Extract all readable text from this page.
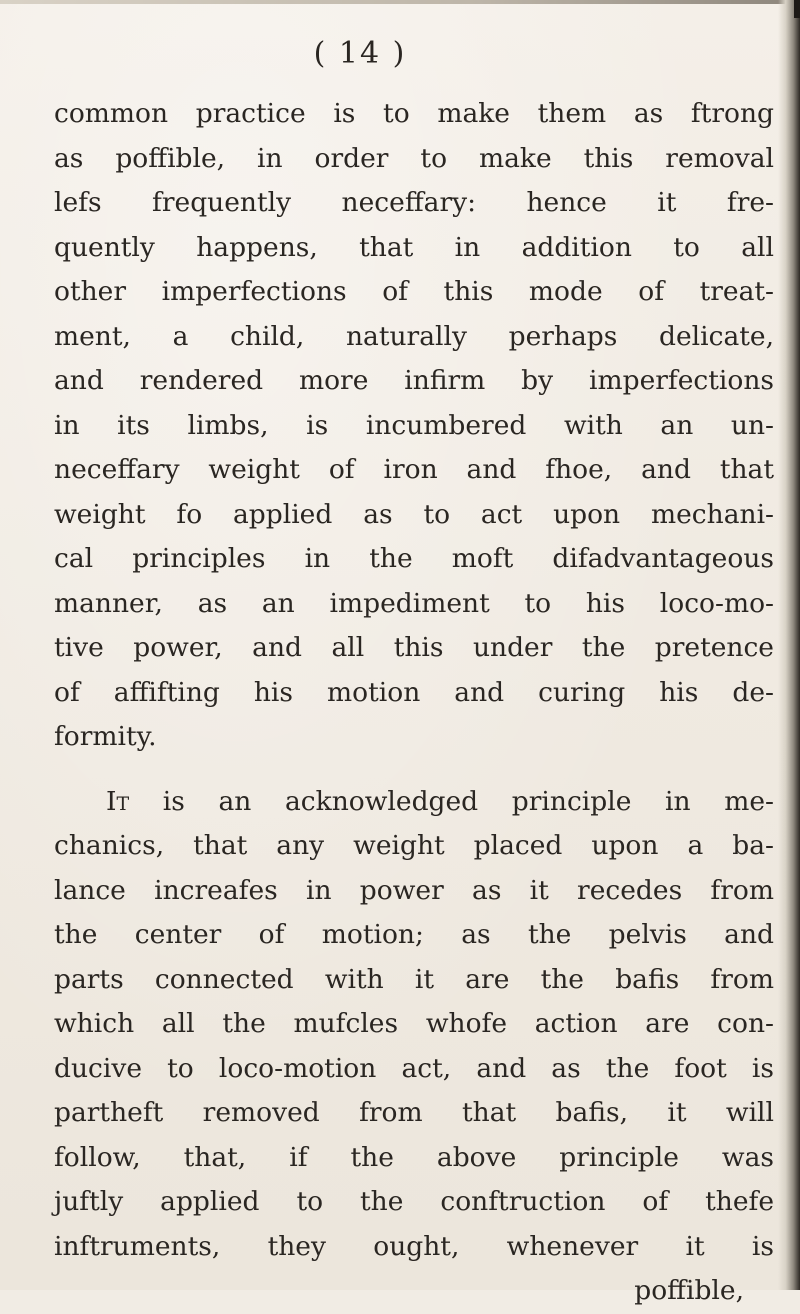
( 14 )
common practice is to make them as ftrong
as poffible, in order to make this removal
lefs frequently neceffary: hence it fre-
quently happens, that in addition to all
other imperfections of this mode of treat-
ment, a child, naturally perhaps delicate,
and rendered more infirm by imperfections
in its limbs, is incumbered with an un-
neceffary weight of iron and fhoe, and that
weight fo applied as to act upon mechani-
cal principles in the moft difadvantageous
manner, as an impediment to his loco-mo-
tive power, and all this under the pretence
of affifting his motion and curing his de-
formity.
It is an acknowledged principle in me-
chanics, that any weight placed upon a ba-
lance increafes in power as it recedes from
the center of motion; as the pelvis and
parts connected with it are the bafis from
which all the mufcles whofe action are con-
ducive to loco-motion act, and as the foot is
partheft removed from that bafis, it will
follow, that, if the above principle was
juftly applied to the conftruction of thefe
inftruments, they ought, whenever it is
poffible,
